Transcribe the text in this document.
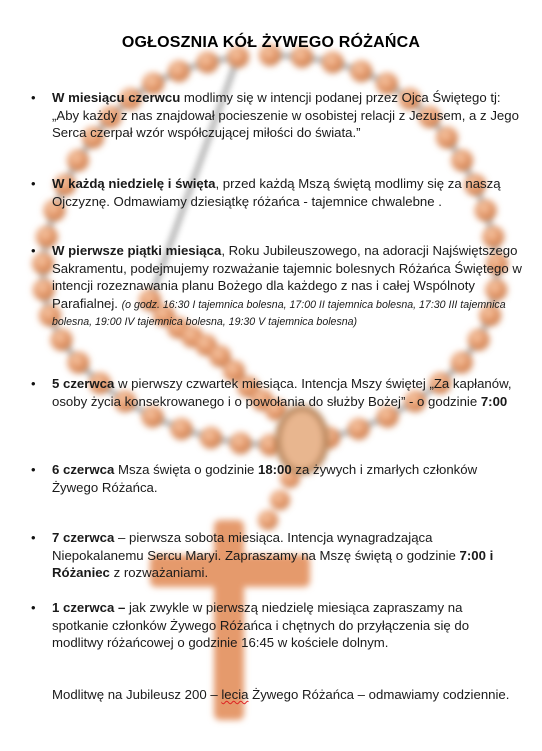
OGŁOSZNIA KÓŁ ŻYWEGO RÓŻAŃCA
• W miesiącu czerwcu modlimy się w intencji podanej przez Ojca Świętego tj: „Aby każdy z nas znajdował pocieszenie w osobistej relacji z Jezusem, a z Jego Serca czerpał wzór współczującej miłości do świata.”
• W każdą niedzielę i święta, przed każdą Mszą świętą modlimy się za naszą Ojczyznę. Odmawiamy dziesiątkę różańca - tajemnice chwalebne .
• W pierwsze piątki miesiąca, Roku Jubileuszowego, na adoracji Najświętszego Sakramentu, podejmujemy rozważanie tajemnic bolesnych Różańca Świętego w intencji rozeznawania planu Bożego dla każdego z nas i całej Wspólnoty Parafialnej. (o godz. 16:30 I tajemnica bolesna, 17:00 II tajemnica bolesna, 17:30 III tajemnica bolesna, 19:00 IV tajemnica bolesna, 19:30 V tajemnica bolesna)
• 5 czerwca w pierwszy czwartek miesiąca. Intencja Mszy świętej „Za kapłanów, osoby życia konsekrowanego i o powołania do służby Bożej” - o godzinie 7:00
• 6 czerwca Msza święta o godzinie 18:00 za żywych i zmarłych członków Żywego Różańca.
• 7 czerwca – pierwsza sobota miesiąca. Intencja wynagradzająca Niepokalanemu Sercu Maryi. Zapraszamy na Mszę świętą o godzinie 7:00 i Różaniec z rozważaniami.
• 1 czerwca – jak zwykle w pierwszą niedzielę miesiąca zapraszamy na spotkanie członków Żywego Różańca i chętnych do przyłączenia się do modlitwy różańcowej o godzinie 16:45 w kościele dolnym.
Modlitwę na Jubileusz 200 – lecia Żywego Różańca – odmawiamy codziennie.
